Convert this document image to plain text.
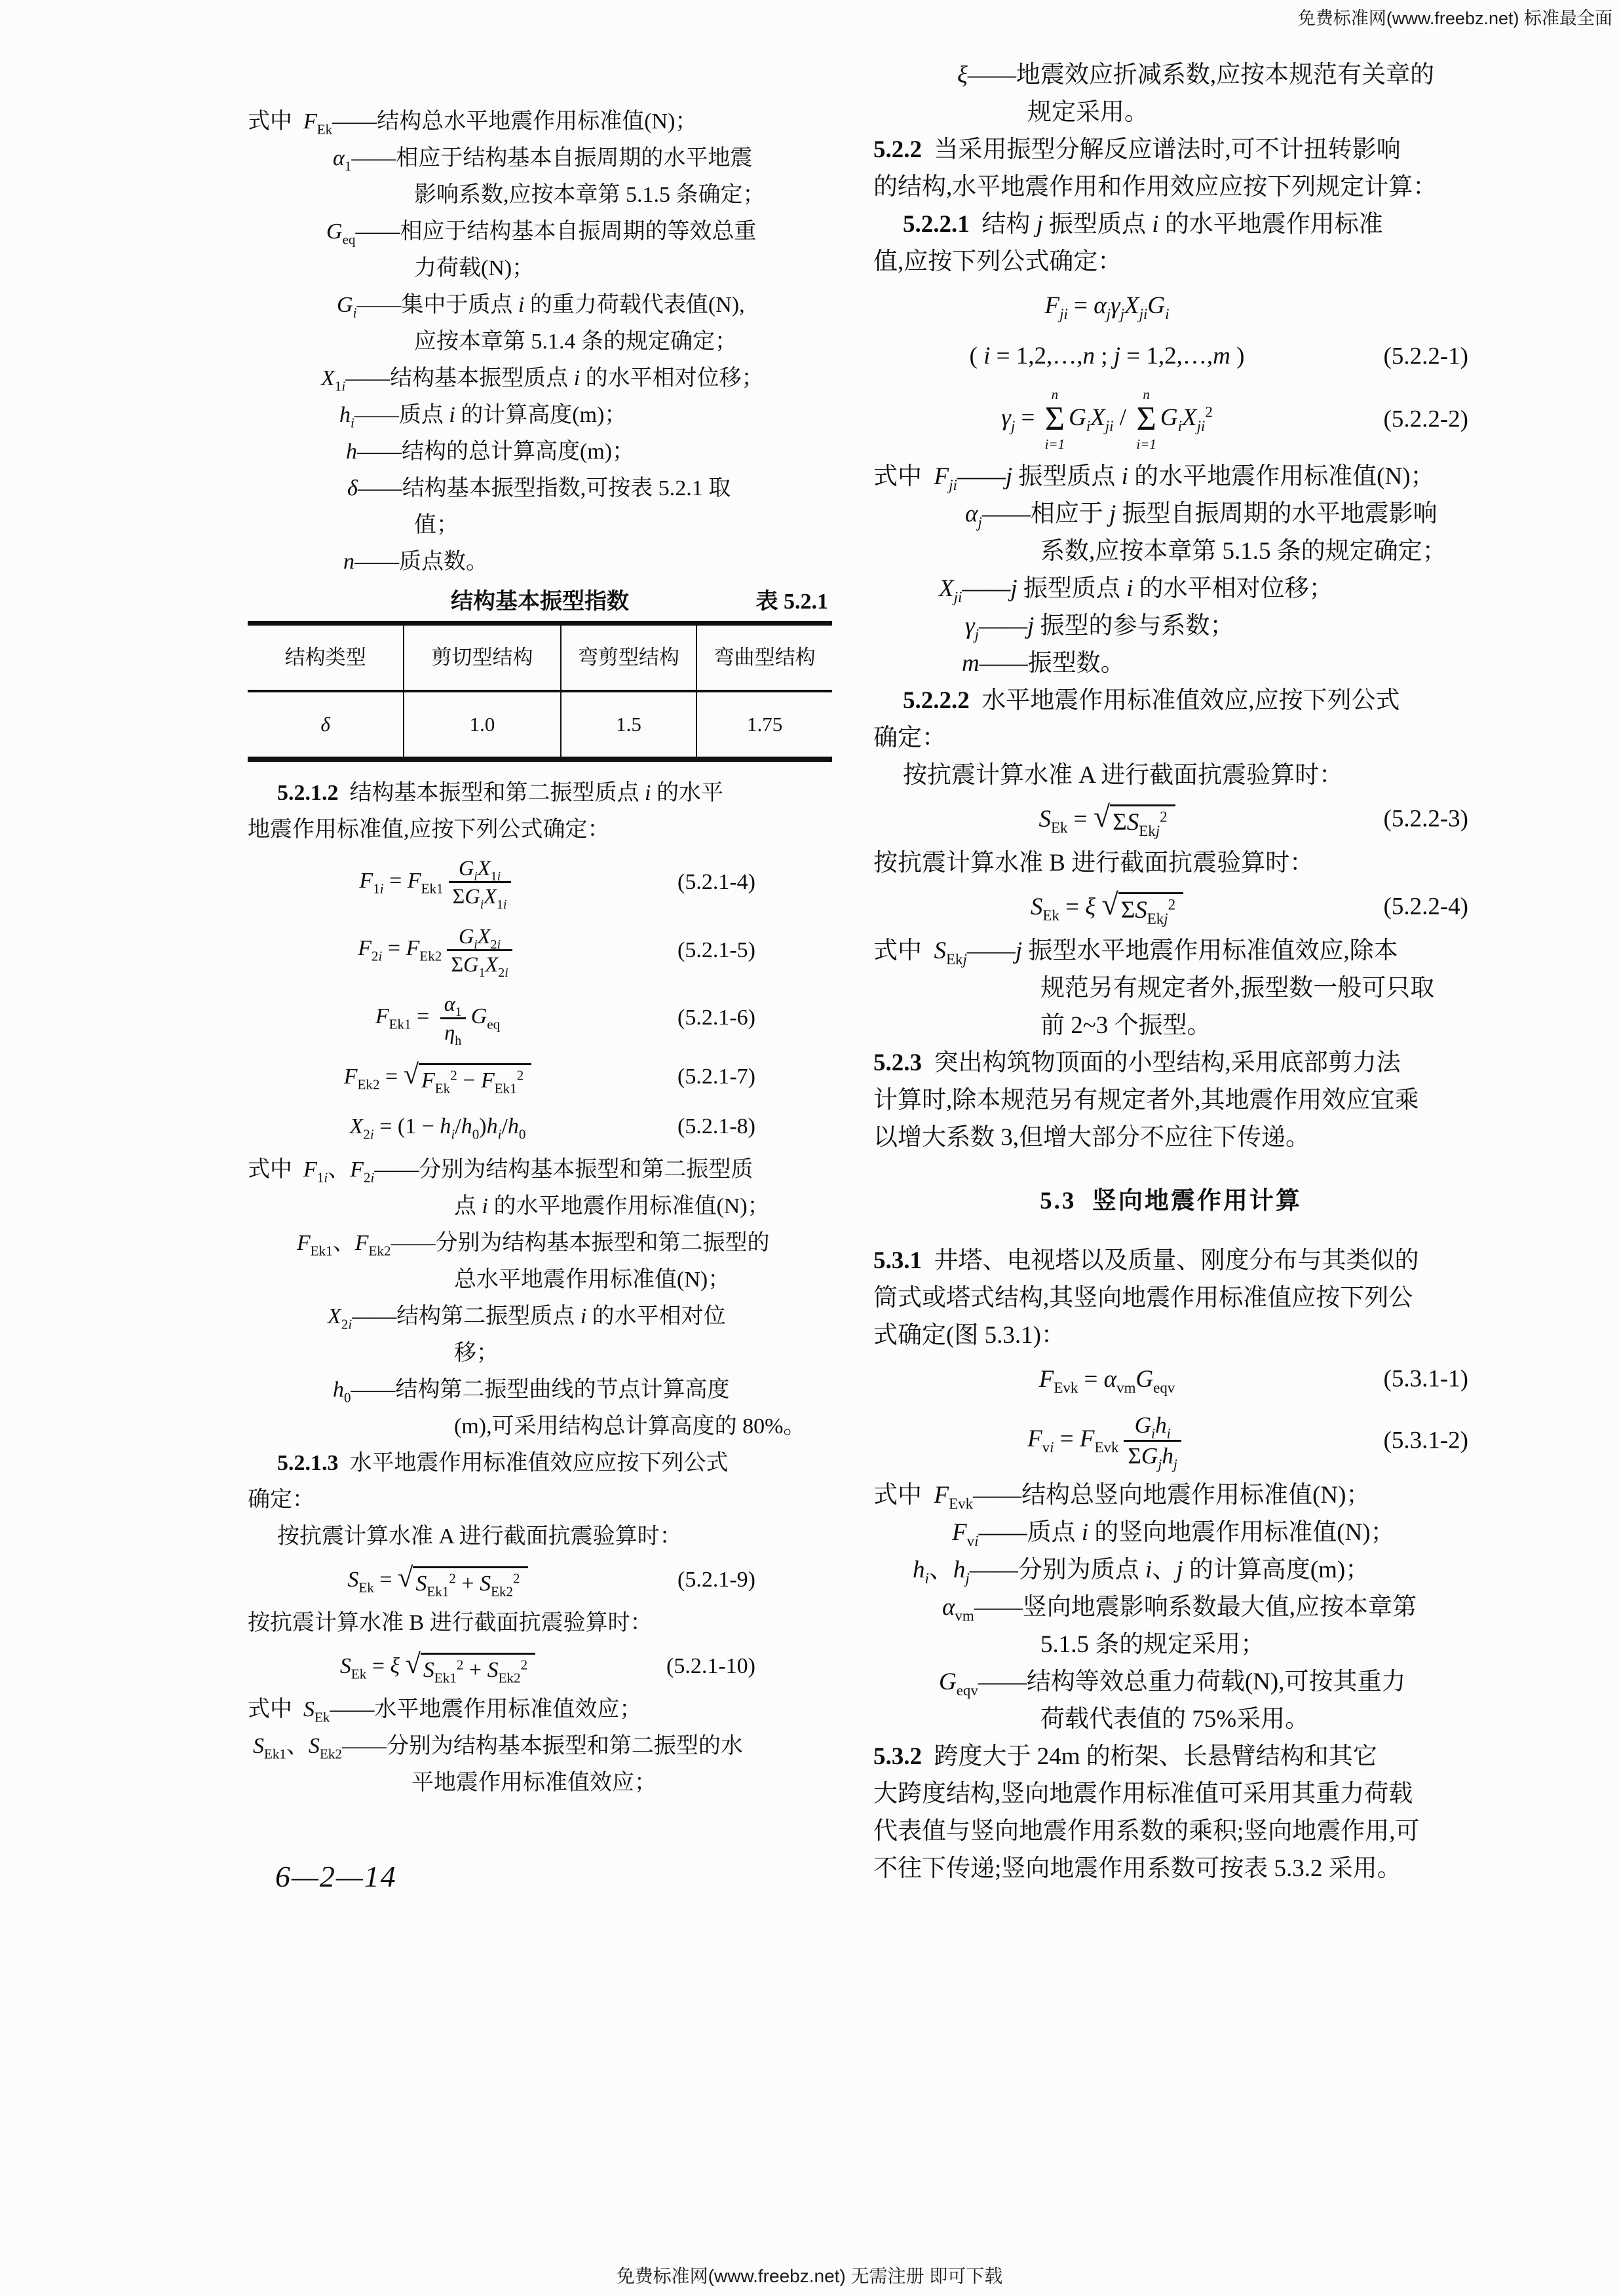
免费标准网(www.freebz.net) 标准最全面
式中  $F_{Ek}——$结构总水平地震作用标准值(N)；
$\alpha_1——$相应于结构基本自振周期的水平地震
影响系数,应按本章第 5.1.5 条确定；
$G_{eq}——$相应于结构基本自振周期的等效总重
力荷载(N)；
$G_i——$集中于质点 i 的重力荷载代表值(N),
应按本章第 5.1.4 条的规定确定；
$X_{1i}——$结构基本振型质点 i 的水平相对位移；
$h_i——$质点 i 的计算高度(m)；
h——结构的总计算高度(m)；
δ——结构基本振型指数,可按表 5.2.1 取
值；
n——质点数。
结构基本振型指数	表 5.2.1
结构类型	剪切型结构	弯剪型结构	弯曲型结构
δ	1.0	1.5	1.75
5.2.1.2  结构基本振型和第二振型质点 i 的水平
地震作用标准值,应按下列公式确定：
$F_{1i} = F_{Ek1} \frac{G_iX_{1i}}{\Sigma G_iX_{1i}}$	(5.2.1-4)
$F_{2i} = F_{Ek2} \frac{G_iX_{2i}}{\Sigma G_1X_{2i}}$	(5.2.1-5)
$F_{Ek1} = \frac{\alpha_1}{\eta_h} G_{eq}$	(5.2.1-6)
$F_{Ek2}$ = √ $F_{Ek}^2 - F_{Ek1}^2$	(5.2.1-7)
$X_{2i} = (1 - h_i/h_0)h_i/h_0$	(5.2.1-8)
式中  $F_{1i}$、$F_{2i}——$分别为结构基本振型和第二振型质
点 i 的水平地震作用标准值(N)；
$F_{Ek1}$、$F_{Ek2}——$分别为结构基本振型和第二振型的
总水平地震作用标准值(N)；
$X_{2i}——$结构第二振型质点 i 的水平相对位
移；
$h_0——$结构第二振型曲线的节点计算高度
(m),可采用结构总计算高度的 80%。
5.2.1.3  水平地震作用标准值效应应按下列公式
确定：
按抗震计算水准 A 进行截面抗震验算时：
$S_{Ek}$ = √ $S_{Ek1}^2 + S_{Ek2}^2$	(5.2.1-9)
按抗震计算水准 B 进行截面抗震验算时：
$S_{Ek} = \xi$ √ $S_{Ek1}^2 + S_{Ek2}^2$	(5.2.1-10)
式中  $S_{Ek}——$水平地震作用标准值效应；
$S_{Ek1}$、$S_{Ek2}——$分别为结构基本振型和第二振型的水
平地震作用标准值效应；
ξ——地震效应折减系数,应按本规范有关章的
规定采用。
5.2.2  当采用振型分解反应谱法时,可不计扭转影响
的结构,水平地震作用和作用效应应按下列规定计算：
5.2.2.1  结构 j 振型质点 i 的水平地震作用标准
值,应按下列公式确定：
$F_{ji} = \alpha_j\gamma_jX_{ji}G_i$
( i = 1,2,…,n ; j = 1,2,…,m )	(5.2.2-1)
$\gamma_j$ =
n
Σ
i=1
$G_iX_{ji}$ /
n
Σ
i=1
$G_iX_{ji}^2$	(5.2.2-2)
式中  $F_{ji}——j$ 振型质点 i 的水平地震作用标准值(N)；
$\alpha_j——$相应于 j 振型自振周期的水平地震影响
系数,应按本章第 5.1.5 条的规定确定；
$X_{ji}——j$ 振型质点 i 的水平相对位移；
$\gamma_j——j$ 振型的参与系数；
m——振型数。
5.2.2.2  水平地震作用标准值效应,应按下列公式
确定：
按抗震计算水准 A 进行截面抗震验算时：
$S_{Ek}$ = √ $\Sigma S_{Ekj}^2$	(5.2.2-3)
按抗震计算水准 B 进行截面抗震验算时：
$S_{Ek} = \xi$ √ $\Sigma S_{Ekj}^2$	(5.2.2-4)
式中  $S_{Ekj}——j$ 振型水平地震作用标准值效应,除本
规范另有规定者外,振型数一般可只取
前 2~3 个振型。
5.2.3  突出构筑物顶面的小型结构,采用底部剪力法
计算时,除本规范另有规定者外,其地震作用效应宜乘
以增大系数 3,但增大部分不应往下传递。
5.3  竖向地震作用计算
5.3.1  井塔、电视塔以及质量、刚度分布与其类似的
筒式或塔式结构,其竖向地震作用标准值应按下列公
式确定(图 5.3.1)：
$F_{Evk} = \alpha_{vm}G_{eqv}$	(5.3.1-1)
$F_{vi} = F_{Evk} \frac{G_ih_i}{\Sigma G_jh_j}$	(5.3.1-2)
式中  $F_{Evk}——$结构总竖向地震作用标准值(N)；
$F_{vi}——$质点 i 的竖向地震作用标准值(N)；
$h_i$、$h_j——$分别为质点 i、j 的计算高度(m)；
$\alpha_{vm}——$竖向地震影响系数最大值,应按本章第
5.1.5 条的规定采用；
$G_{eqv}——$结构等效总重力荷载(N),可按其重力
荷载代表值的 75%采用。
5.3.2  跨度大于 24m 的桁架、长悬臂结构和其它
大跨度结构,竖向地震作用标准值可采用其重力荷载
代表值与竖向地震作用系数的乘积;竖向地震作用,可
不往下传递;竖向地震作用系数可按表 5.3.2 采用。
6—2—14
免费标准网(www.freebz.net) 无需注册 即可下载
